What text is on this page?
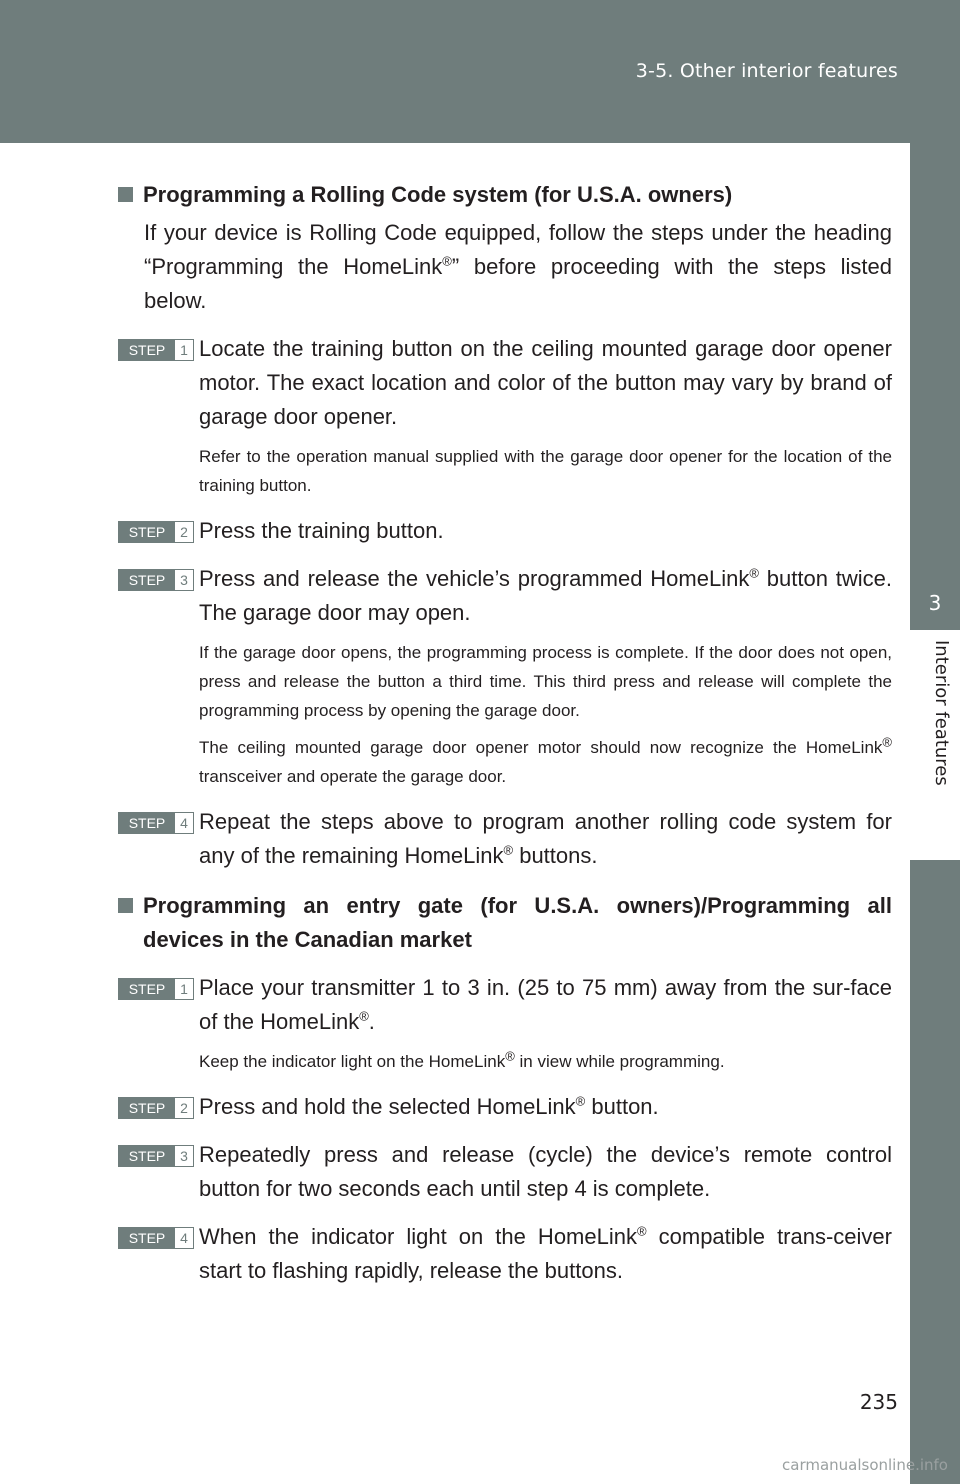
3-5. Other interior features
3
Interior features
Programming a Rolling Code system (for U.S.A. owners)

If your device is Rolling Code equipped, follow the steps under the heading “Programming the HomeLink®” before proceeding with the steps listed below.

STEP	1 Locate the training button on the ceiling mounted garage door opener motor. The exact location and color of the button may vary by brand of garage door opener.

Refer to the operation manual supplied with the garage door opener for the location of the training button.

STEP	2 Press the training button.

STEP	3 Press and release the vehicle’s programmed HomeLink® button twice. The garage door may open.

If the garage door opens, the programming process is complete. If the door does not open, press and release the button a third time. This third press and release will complete the programming process by opening the garage door.

The ceiling mounted garage door opener motor should now recognize the HomeLink® transceiver and operate the garage door.

STEP	4 Repeat the steps above to program another rolling code system for any of the remaining HomeLink® buttons.

Programming an entry gate (for U.S.A. owners)/Programming all devices in the Canadian market
STEP	1 Place your transmitter 1 to 3 in. (25 to 75 mm) away from the sur-face of the HomeLink®.

Keep the indicator light on the HomeLink® in view while programming.

STEP	2 Press and hold the selected HomeLink® button.

STEP	3 Repeatedly press and release (cycle) the device’s remote control button for two seconds each until step 4 is complete.

STEP	4 When the indicator light on the HomeLink® compatible trans-ceiver start to flashing rapidly, release the buttons.

235
carmanualsonline.info
